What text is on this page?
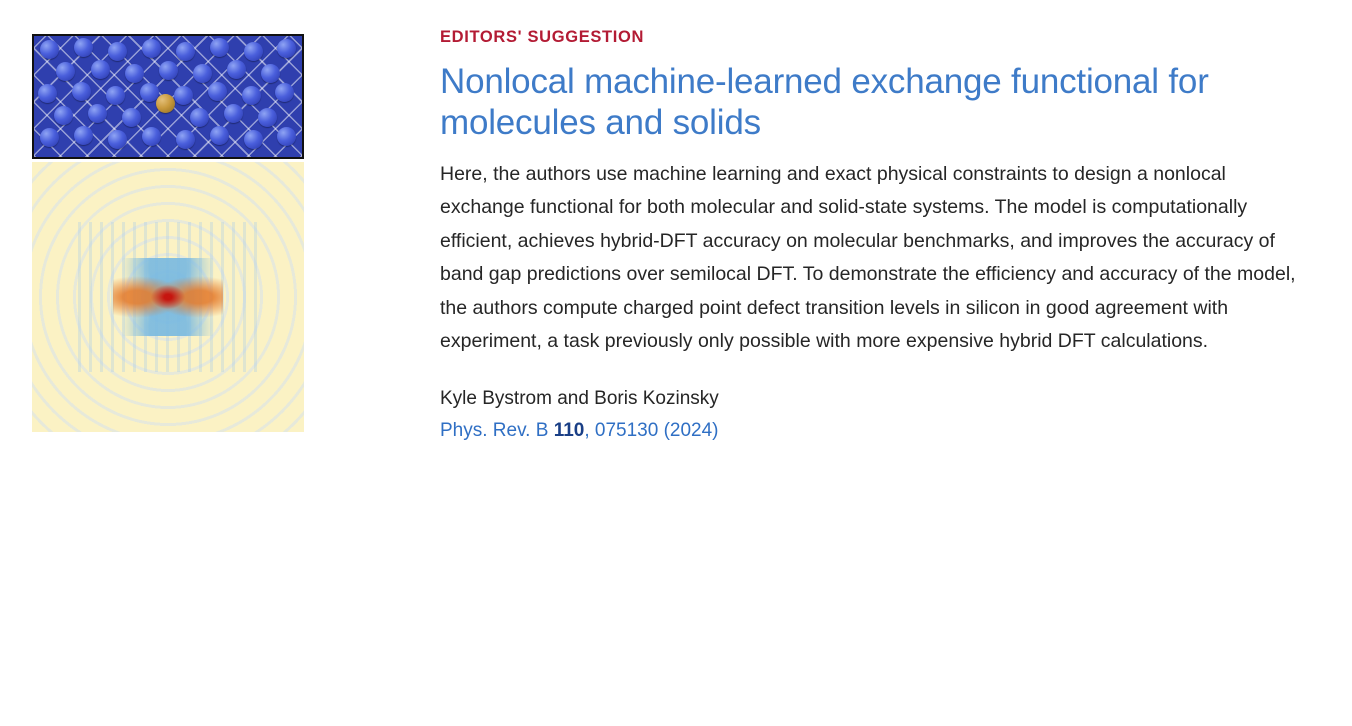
EDITORS' SUGGESTION
Nonlocal machine-learned exchange functional for molecules and solids

Here, the authors use machine learning and exact physical constraints to design a nonlocal exchange functional for both molecular and solid-state systems. The model is computationally efficient, achieves hybrid-DFT accuracy on molecular benchmarks, and improves the accuracy of band gap predictions over semilocal DFT. To demonstrate the efficiency and accuracy of the model, the authors compute charged point defect transition levels in silicon in good agreement with experiment, a task previously only possible with more expensive hybrid DFT calculations.

Kyle Bystrom and Boris Kozinsky

Phys. Rev. B 110, 075130 (2024)
